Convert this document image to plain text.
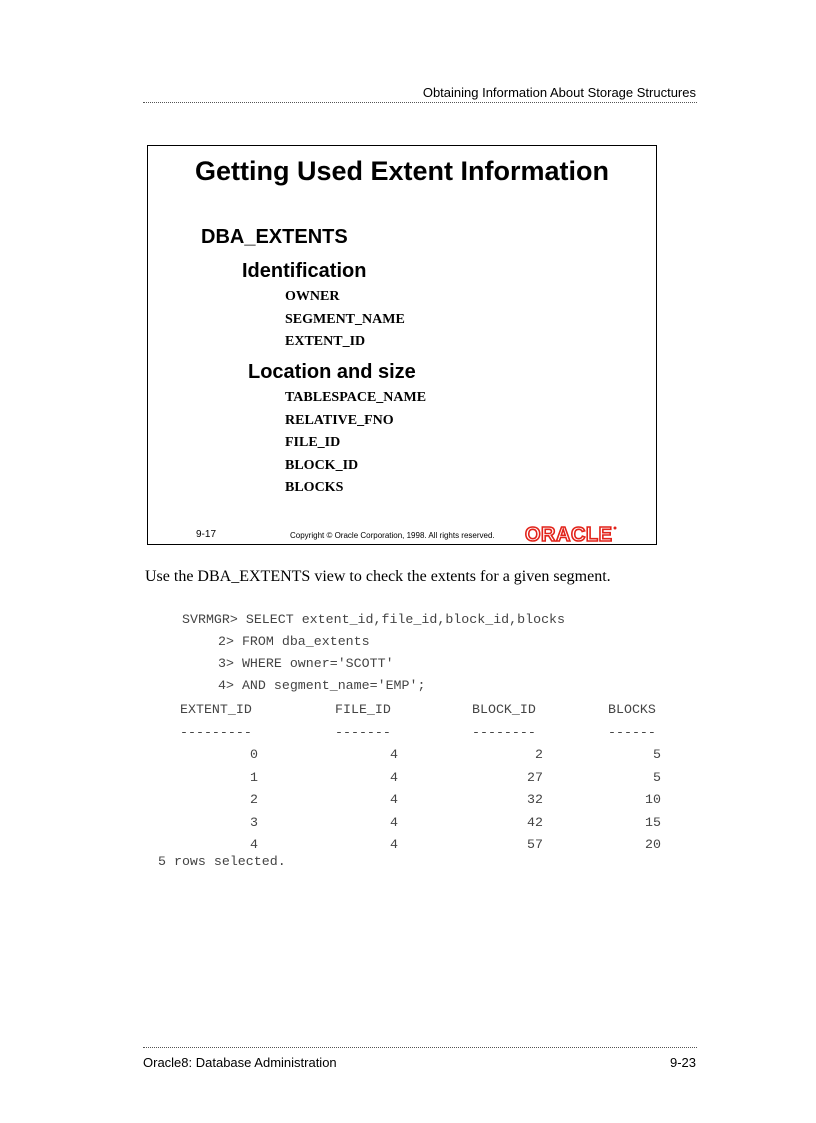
Obtaining Information About Storage Structures
Getting Used Extent Information
DBA_EXTENTS
Identification
OWNER
SEGMENT_NAME
EXTENT_ID
Location and size
TABLESPACE_NAME
RELATIVE_FNO
FILE_ID
BLOCK_ID
BLOCKS
9-17	Copyright © Oracle Corporation, 1998. All rights reserved. ORACLE
Use the DBA_EXTENTS view to check the extents for a given segment.

SVRMGR> SELECT extent_id,file_id,block_id,blocks

2> FROM dba_extents

3> WHERE owner='SCOTT'

4> AND segment_name='EMP';

EXTENT_ID	FILE_ID	BLOCK_ID	BLOCKS
---------	-------	--------	------
0	4	2	5
1	4	27	5
2	4	32	10
3	4	42	15
4	4	57	20
5 rows selected.
Oracle8: Database Administration	9-23
